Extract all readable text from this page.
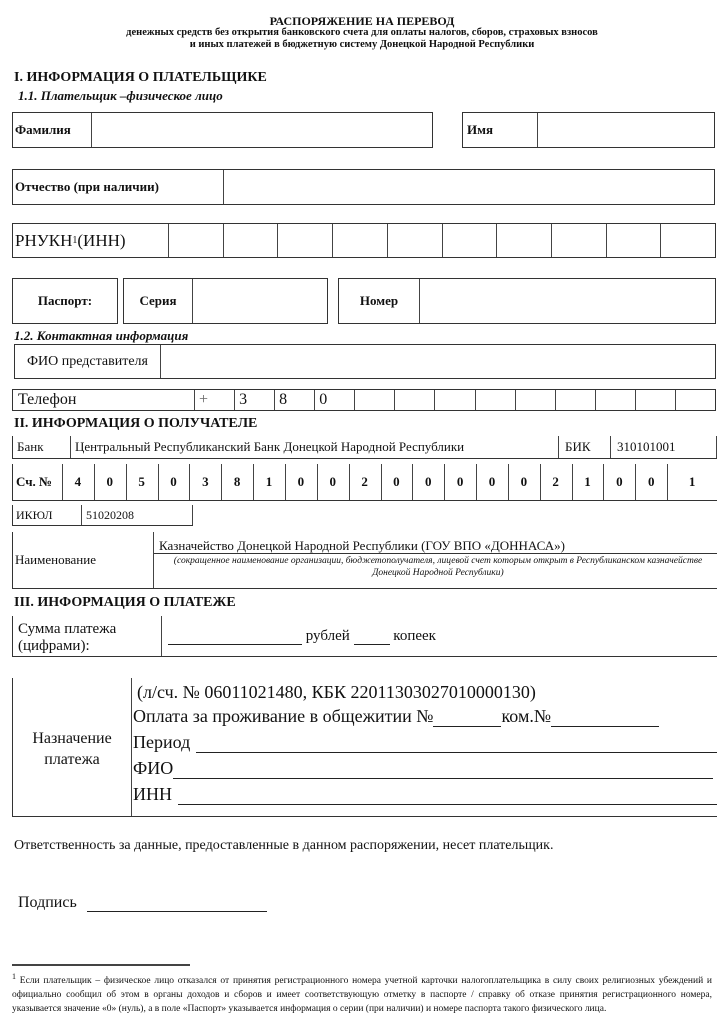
РАСПОРЯЖЕНИЕ НА ПЕРЕВОД
денежных средств без открытия банковского счета для оплаты налогов, сборов, страховых взносов
и иных платежей в бюджетную систему Донецкой Народной Республики
I. ИНФОРМАЦИЯ О ПЛАТЕЛЬЩИКЕ
1.1. Плательщик –физическое лицо
Фамилия	Имя
Отчество (при наличии)
РНУКН 1 (ИНН)
Паспорт:	Серия	Номер
1.2. Контактная информация
ФИО представителя
Телефон	+	3	8	0
II. ИНФОРМАЦИЯ О ПОЛУЧАТЕЛЕ
Банк	Центральный Республиканский Банк Донецкой Народной Республики	БИК	310101001
Сч. №	4	0	5	0	3	8	1	0	0	2	0	0	0	0	0	2	1	0	0	1
ИКЮЛ	51020208
Наименование
Казначейство Донецкой Народной Республики (ГОУ ВПО «ДОННАСА»)
(сокращенное наименование организации, бюджетополучателя, лицевой счет которым открыт в Республиканском казначействе Донецкой Народной Республики)
III. ИНФОРМАЦИЯ О ПЛАТЕЖЕ
Сумма платежа
(цифрами):
рублей	копеек
Назначение
платежа
(л/сч. № 06011021480, КБК 22011303027010000130)
Оплата за проживание в общежитии №	ком.№
Период
ФИО
ИНН
Ответственность за данные, предоставленные в данном распоряжении, несет плательщик.
Подпись
$^1$ Если плательщик – физическое лицо отказался от принятия регистрационного номера учетной карточки налогоплательщика в силу своих религиозных убеждений и официально сообщил об этом в органы доходов и сборов и имеет соответствующую отметку в паспорте / справку об отказе принятия регистрационного номера, указывается значение «0» (нуль), а в поле «Паспорт» указывается информация о серии (при наличии) и номере паспорта такого физического лица.
